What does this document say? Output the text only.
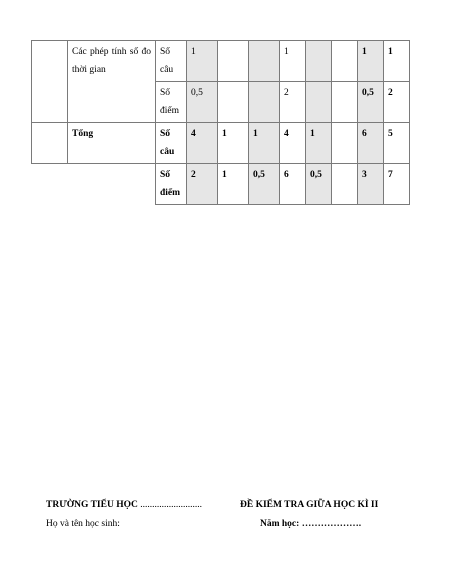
	Các phép tính số đo thời gian	Số câu	1			1			1	1
		Số điểm	0,5			2			0,5	2
	Tổng	Số câu	4	1	1	4	1		6	5
		Số điểm	2	1	0,5	6	0,5		3	7
TRƯỜNG TIỂU HỌC ..........................	ĐỀ KIỂM TRA GIỮA HỌC KÌ II
Họ và tên học sinh:	Năm học: ……………….
